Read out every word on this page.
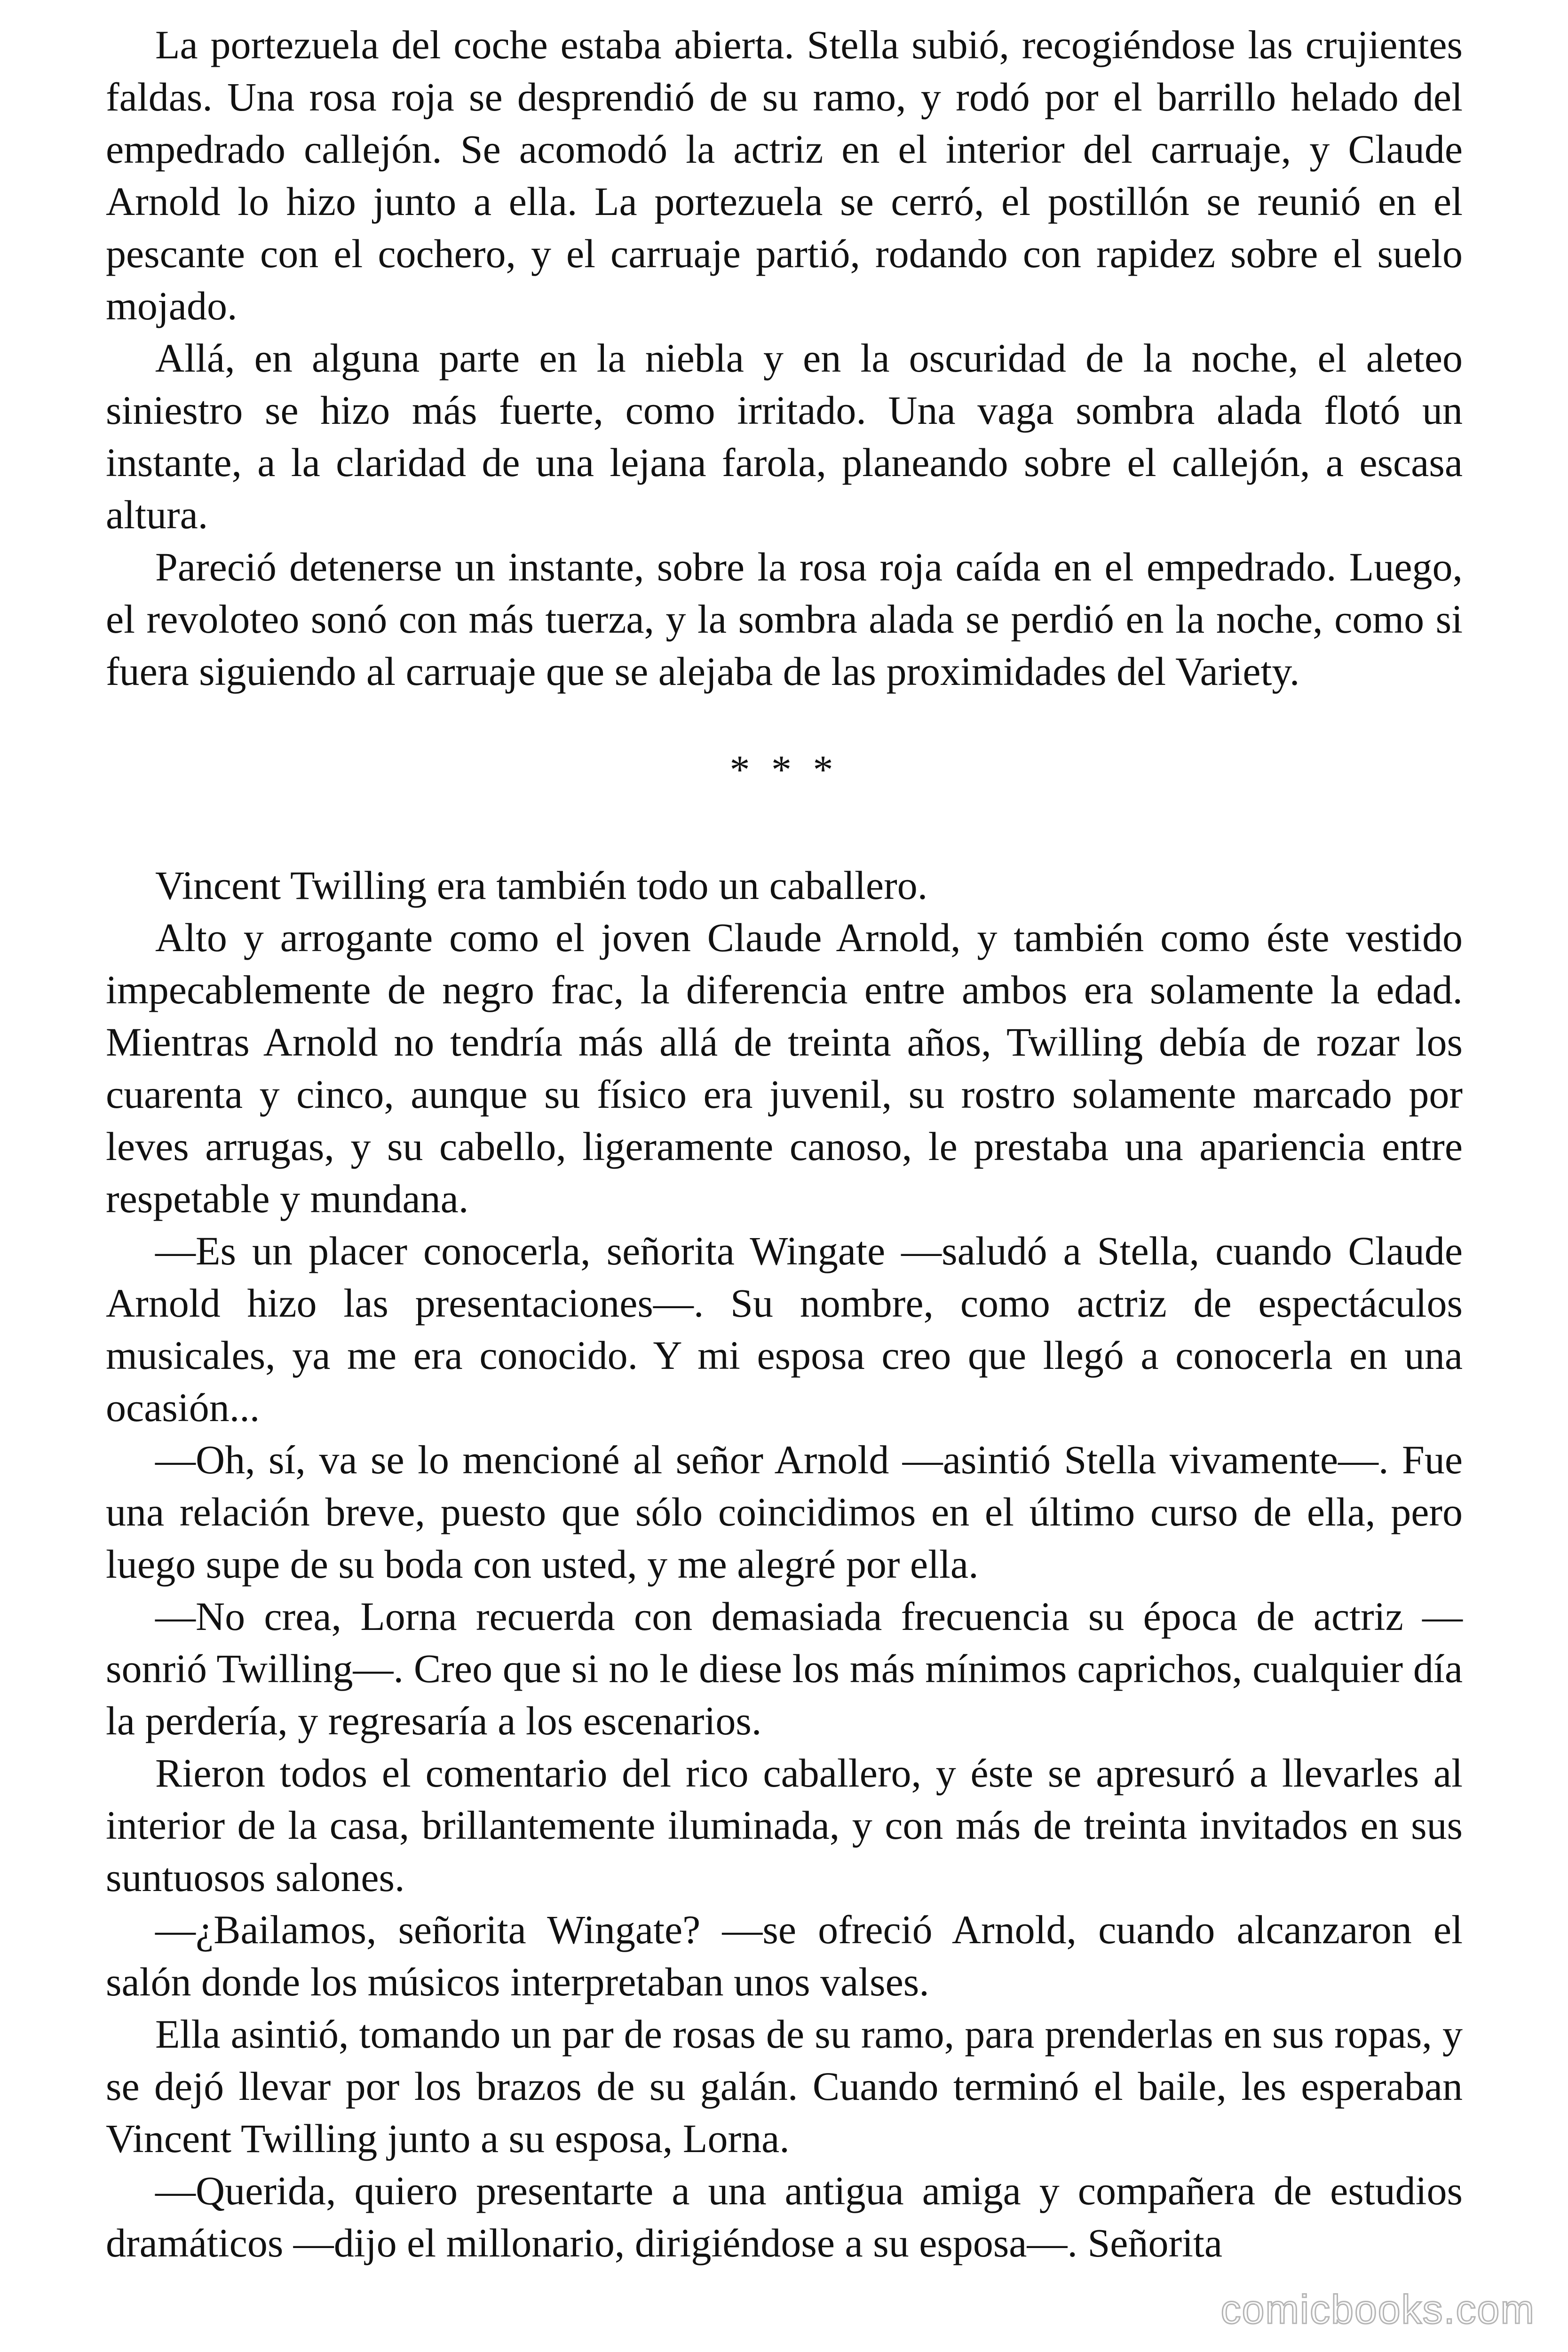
La portezuela del coche estaba abierta. Stella subió, recogiéndose las crujientes faldas. Una rosa roja se desprendió de su ramo, y rodó por el barrillo helado del empedrado callejón. Se acomodó la actriz en el interior del carruaje, y Claude Arnold lo hizo junto a ella. La portezuela se cerró, el postillón se reunió en el pescante con el cochero, y el carruaje partió, rodando con rapidez sobre el suelo mojado.

Allá, en alguna parte en la niebla y en la oscuridad de la noche, el aleteo siniestro se hizo más fuerte, como irritado. Una vaga sombra alada flotó un instante, a la claridad de una lejana farola, planeando sobre el callejón, a escasa altura.

Pareció detenerse un instante, sobre la rosa roja caída en el empedrado. Luego, el revoloteo sonó con más tuerza, y la sombra alada se perdió en la noche, como si fuera siguiendo al carruaje que se alejaba de las proximidades del Variety.

* * *

Vincent Twilling era también todo un caballero.

Alto y arrogante como el joven Claude Arnold, y también como éste vestido impecablemente de negro frac, la diferencia entre ambos era solamente la edad. Mientras Arnold no tendría más allá de treinta años, Twilling debía de rozar los cuarenta y cinco, aunque su físico era juvenil, su rostro solamente marcado por leves arrugas, y su cabello, ligeramente canoso, le prestaba una apariencia entre respetable y mundana.

—Es un placer conocerla, señorita Wingate —saludó a Stella, cuando Claude Arnold hizo las presentaciones—. Su nombre, como actriz de espectáculos musicales, ya me era conocido. Y mi esposa creo que llegó a conocerla en una ocasión...

—Oh, sí, va se lo mencioné al señor Arnold —asintió Stella vivamente—. Fue una relación breve, puesto que sólo coincidimos en el último curso de ella, pero luego supe de su boda con usted, y me alegré por ella.

—No crea, Lorna recuerda con demasiada frecuencia su época de actriz —sonrió Twilling—. Creo que si no le diese los más mínimos caprichos, cualquier día la perdería, y regresaría a los escenarios.

Rieron todos el comentario del rico caballero, y éste se apresuró a llevarles al interior de la casa, brillantemente iluminada, y con más de treinta invitados en sus suntuosos salones.

—¿Bailamos, señorita Wingate? —se ofreció Arnold, cuando alcanzaron el salón donde los músicos interpretaban unos valses.

Ella asintió, tomando un par de rosas de su ramo, para prenderlas en sus ropas, y se dejó llevar por los brazos de su galán. Cuando terminó el baile, les esperaban Vincent Twilling junto a su esposa, Lorna.

—Querida, quiero presentarte a una antigua amiga y compañera de estudios dramáticos —dijo el millonario, dirigiéndose a su esposa—. Señorita

comicbooks.com
